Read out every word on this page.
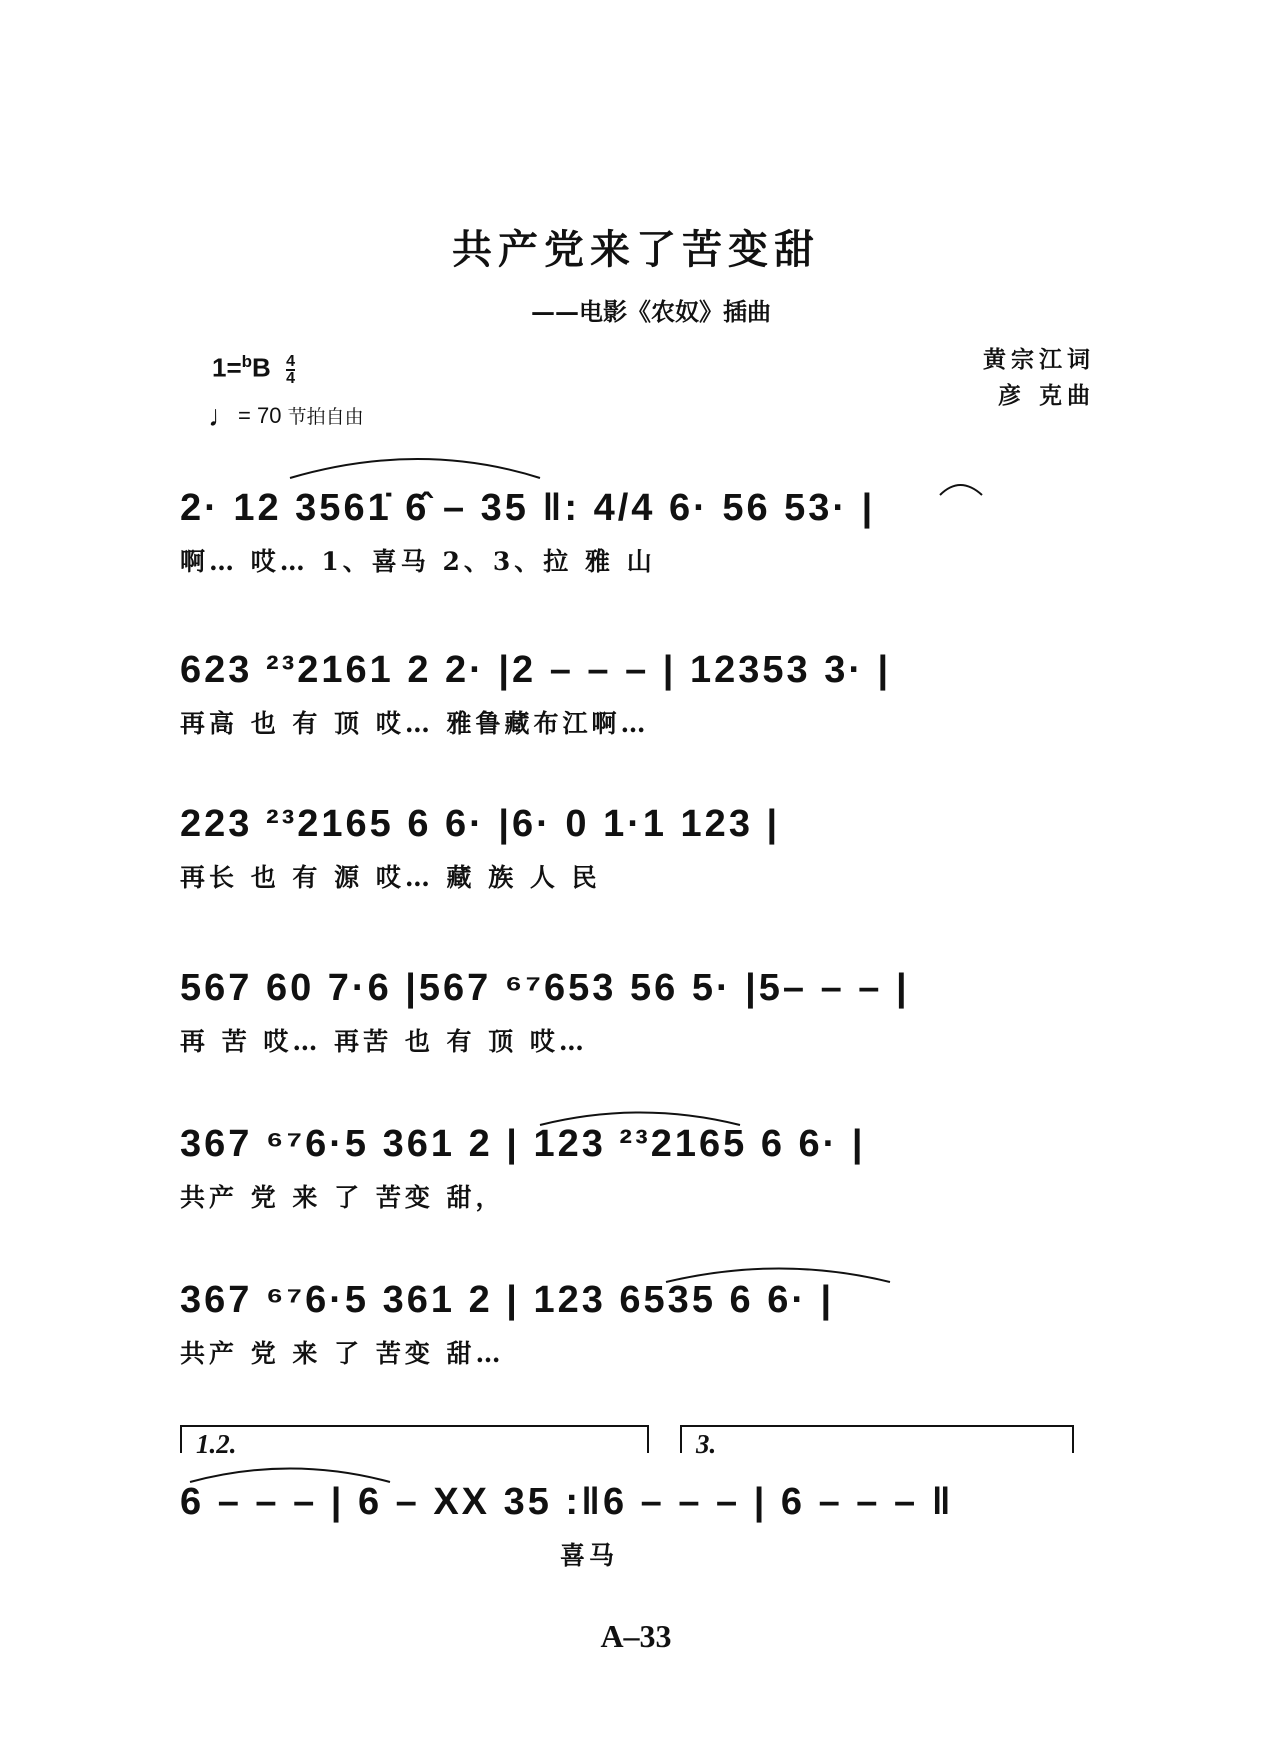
共产党来了苦变甜
——电影《农奴》插曲
$1=^bB \frac{4}{4}$
♩= 70 节拍自由
黄宗江词
彦 克曲
2· 12 3561̇ 6̂ – 35 ‖: 4/4 6· 56 53· |
啊… 哎… 1、喜马 2、3、拉 雅 山
623 ²³2161 2 2· |2 – – – | 12353 3· |
再高 也 有 顶 哎… 雅鲁藏布江啊…
223 ²³2165 6 6· |6· 0 1·1 123 |
再长 也 有 源 哎… 藏 族 人 民
567 60 7·6 |567 ⁶⁷653 56 5· |5– – – |
再 苦 哎… 再苦 也 有 顶 哎…
367 ⁶⁷6·5 361 2 | 123 ²³2165 6 6· |
共产 党 来 了 苦变 甜，
367 ⁶⁷6·5 361 2 | 123 6535 6 6· |
共产 党 来 了 苦变 甜…
1.2.	3.
6 – – – | 6 – XX 35 :‖6 – – – | 6 – – – ‖
喜马
A–33
